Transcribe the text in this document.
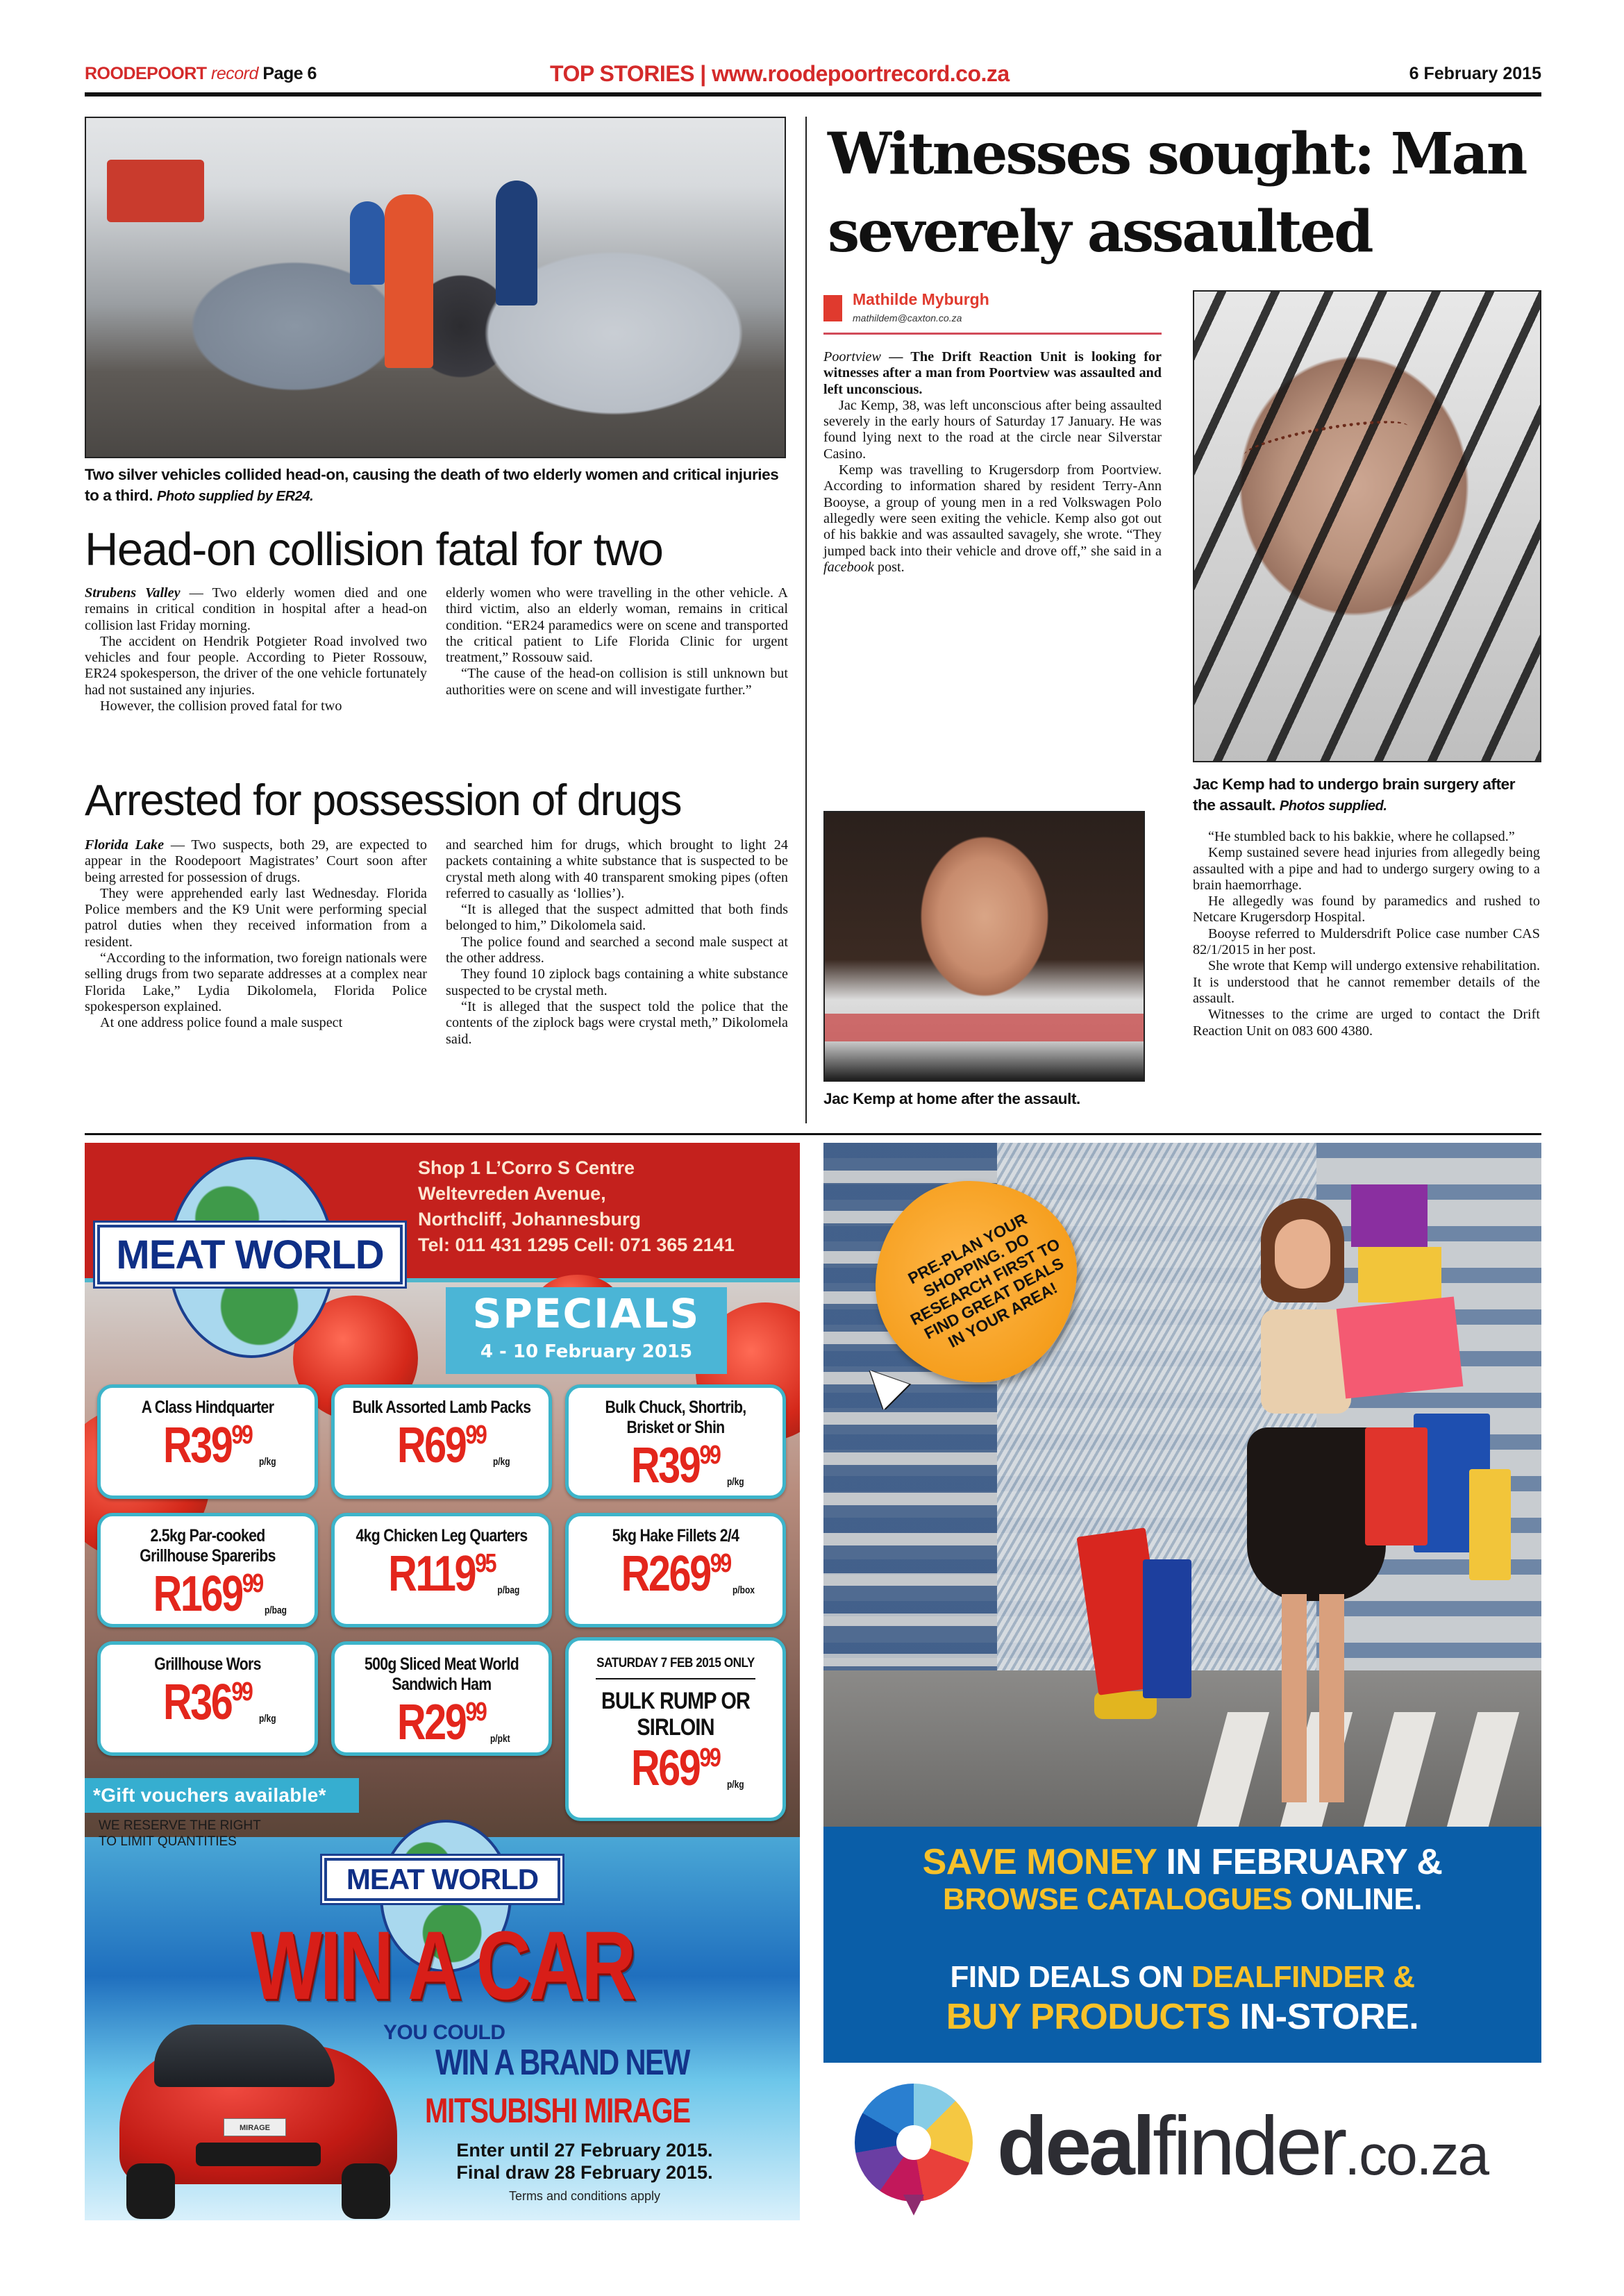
ROODEPOORT record Page 6	TOP STORIES | www.roodepoortrecord.co.za	6 February 2015
Two silver vehicles collided head-on, causing the death of two elderly women and critical injuries to a third. Photo supplied by ER24.
Head-on collision fatal for two

Strubens Valley — Two elderly women died and one remains in critical condition in hospital after a head-on collision last Friday morning.

The accident on Hendrik Potgieter Road involved two vehicles and four people. According to Pieter Rossouw, ER24 spokesperson, the driver of the one vehicle fortunately had not sustained any injuries.

However, the collision proved fatal for two

elderly women who were travelling in the other vehicle. A third victim, also an elderly woman, remains in critical condition. “ER24 paramedics were on scene and transported the critical patient to Life Florida Clinic for urgent treatment,” Rossouw said.

“The cause of the head-on collision is still unknown but authorities were on scene and will investigate further.”

Arrested for possession of drugs

Florida Lake — Two suspects, both 29, are expected to appear in the Roodepoort Magistrates’ Court soon after being arrested for possession of drugs.

They were apprehended early last Wednesday. Florida Police members and the K9 Unit were performing special patrol duties when they received information from a resident.

“According to the information, two foreign nationals were selling drugs from two separate addresses at a complex near Florida Lake,” Lydia Dikolomela, Florida Police spokesperson explained.

At one address police found a male suspect

and searched him for drugs, which brought to light 24 packets containing a white substance that is suspected to be crystal meth along with 40 transparent smoking pipes (often referred to casually as ‘lollies’).

“It is alleged that the suspect admitted that both finds belonged to him,” Dikolomela said.

The police found and searched a second male suspect at the other address.

They found 10 ziplock bags containing a white substance suspected to be crystal meth.

“It is alleged that the suspect told the police that the contents of the ziplock bags were crystal meth,” Dikolomela said.

Witnesses sought: Man severely assaulted
Mathilde Myburgh
mathildem@caxton.co.za

Poortview — The Drift Reaction Unit is looking for witnesses after a man from Poortview was assaulted and left unconscious.

Jac Kemp, 38, was left unconscious after being assaulted severely in the early hours of Saturday 17 January. He was found lying next to the road at the circle near Silverstar Casino.

Kemp was travelling to Krugersdorp from Poortview. According to information shared by resident Terry-Ann Booyse, a group of young men in a red Volkswagen Polo allegedly were seen exiting the vehicle. Kemp also got out of his bakkie and was assaulted savagely, she wrote. “They jumped back into their vehicle and drove off,” she said in a facebook post.

Jac Kemp had to undergo brain surgery after the assault. Photos supplied.
Jac Kemp at home after the assault.

“He stumbled back to his bakkie, where he collapsed.”

Kemp sustained severe head injuries from allegedly being assaulted with a pipe and had to undergo surgery owing to a brain haemorrhage.

He allegedly was found by paramedics and rushed to Netcare Krugersdorp Hospital.

Booyse referred to Muldersdrift Police case number CAS 82/1/2015 in her post.

She wrote that Kemp will undergo extensive rehabilitation. It is understood that he cannot remember details of the assault.

Witnesses to the crime are urged to contact the Drift Reaction Unit on 083 600 4380.

MEAT WORLD
Shop 1 L’Corro S Centre
Weltevreden Avenue,
Northcliff, Johannesburg
Tel: 011 431 1295 Cell: 071 365 2141
SPECIALS
4 - 10 February 2015
A Class Hindquarter
R3999
p/kg
Bulk Assorted Lamb Packs
R6999
p/kg
Bulk Chuck, Shortrib, Brisket or Shin
R3999
p/kg
2.5kg Par-cooked Grillhouse Spareribs
R16999
p/bag
4kg Chicken Leg Quarters
R11995
p/bag
5kg Hake Fillets 2/4
R26999
p/box
Grillhouse Wors
R3699
p/kg
500g Sliced Meat World Sandwich Ham
R2999
p/pkt
SATURDAY 7 FEB 2015 ONLY
BULK RUMP OR SIRLOIN
R6999
p/kg
*Gift vouchers available*
WE RESERVE THE RIGHT
TO LIMIT QUANTITIES
MEAT WORLD
WIN A CAR
MIRAGE
YOU COULD
WIN A BRAND NEW
MITSUBISHI MIRAGE
Enter until 27 February 2015.
Final draw 28 February 2015.
Terms and conditions apply
PRE-PLAN YOUR SHOPPING. DO RESEARCH FIRST TO FIND GREAT DEALS IN YOUR AREA!
SAVE MONEY IN FEBRUARY &
BROWSE CATALOGUES ONLINE.
FIND DEALS ON DEALFINDER &
BUY PRODUCTS IN-STORE.
dealfinder.co.za
